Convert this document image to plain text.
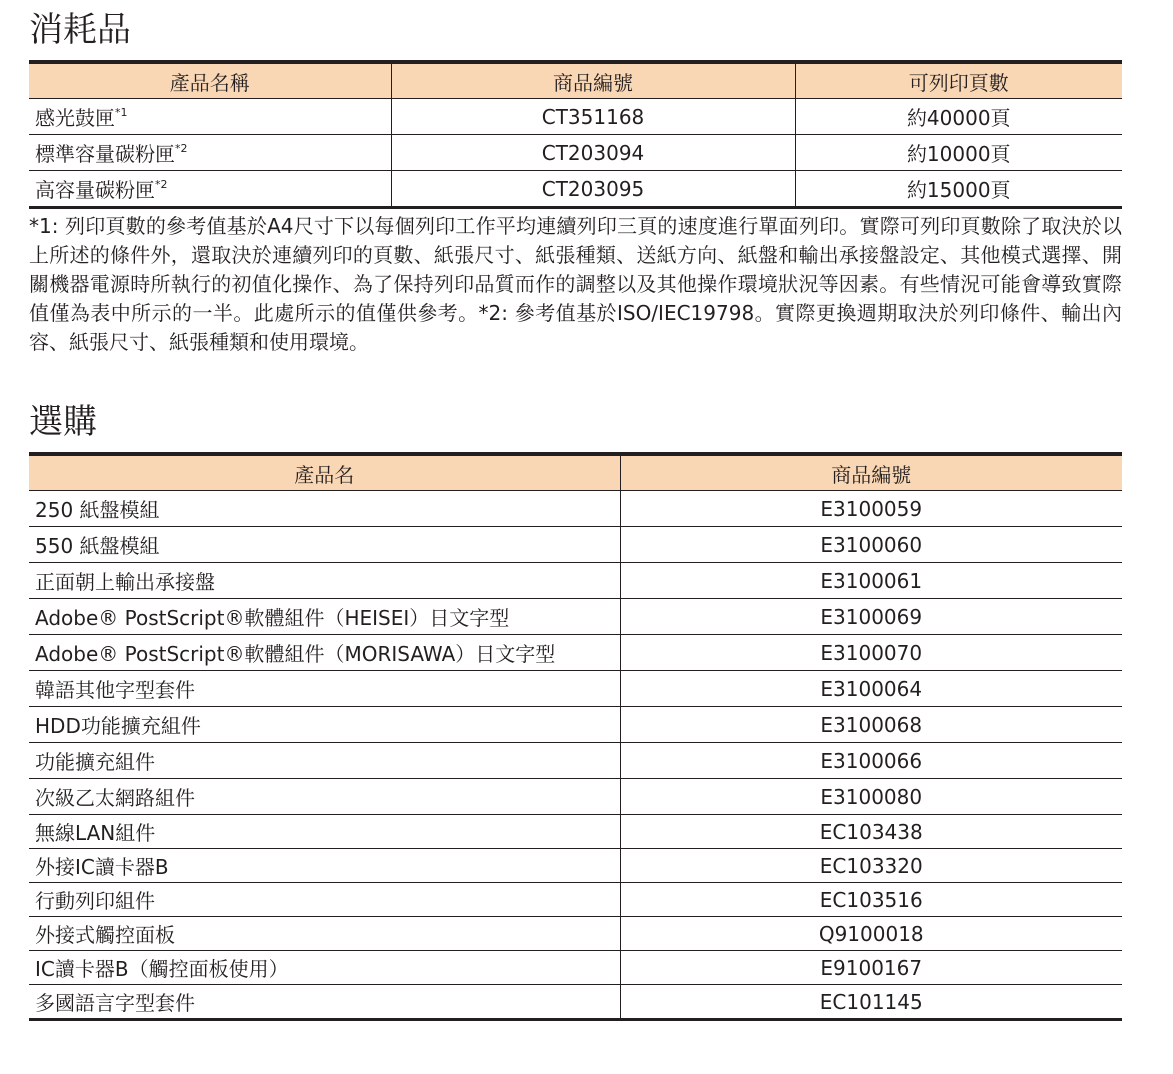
消耗品
產品名稱	商品編號	可列印頁數
感光鼓匣$^{*1}$	CT351168	約40000頁
標準容量碳粉匣$^{*2}$	CT203094	約10000頁
高容量碳粉匣$^{*2}$	CT203095	約15000頁

*1: 列印頁數的參考值基於A4尺寸下以每個列印工作平均連續列印三頁的速度進行單面列印。實際可列印頁數除了取決於以上所述的條件外，還取決於連續列印的頁數、紙張尺寸、紙張種類、送紙方向、紙盤和輸出承接盤設定、其他模式選擇、開關機器電源時所執行的初值化操作、為了保持列印品質而作的調整以及其他操作環境狀況等因素。有些情況可能會導致實際值僅為表中所示的一半。此處所示的值僅供參考。*2: 參考值基於ISO/IEC19798。實際更換週期取決於列印條件、輸出內容、紙張尺寸、紙張種類和使用環境。

選購
產品名	商品編號
250 紙盤模組	E3100059
550 紙盤模組	E3100060
正面朝上輸出承接盤	E3100061
Adobe® PostScript®軟體組件（HEISEI）日文字型	E3100069
Adobe® PostScript®軟體組件（MORISAWA）日文字型	E3100070
韓語其他字型套件	E3100064
HDD功能擴充組件	E3100068
功能擴充組件	E3100066
次級乙太網路組件	E3100080
無線LAN組件	EC103438
外接IC讀卡器B	EC103320
行動列印組件	EC103516
外接式觸控面板	Q9100018
IC讀卡器B（觸控面板使用）	E9100167
多國語言字型套件	EC101145
